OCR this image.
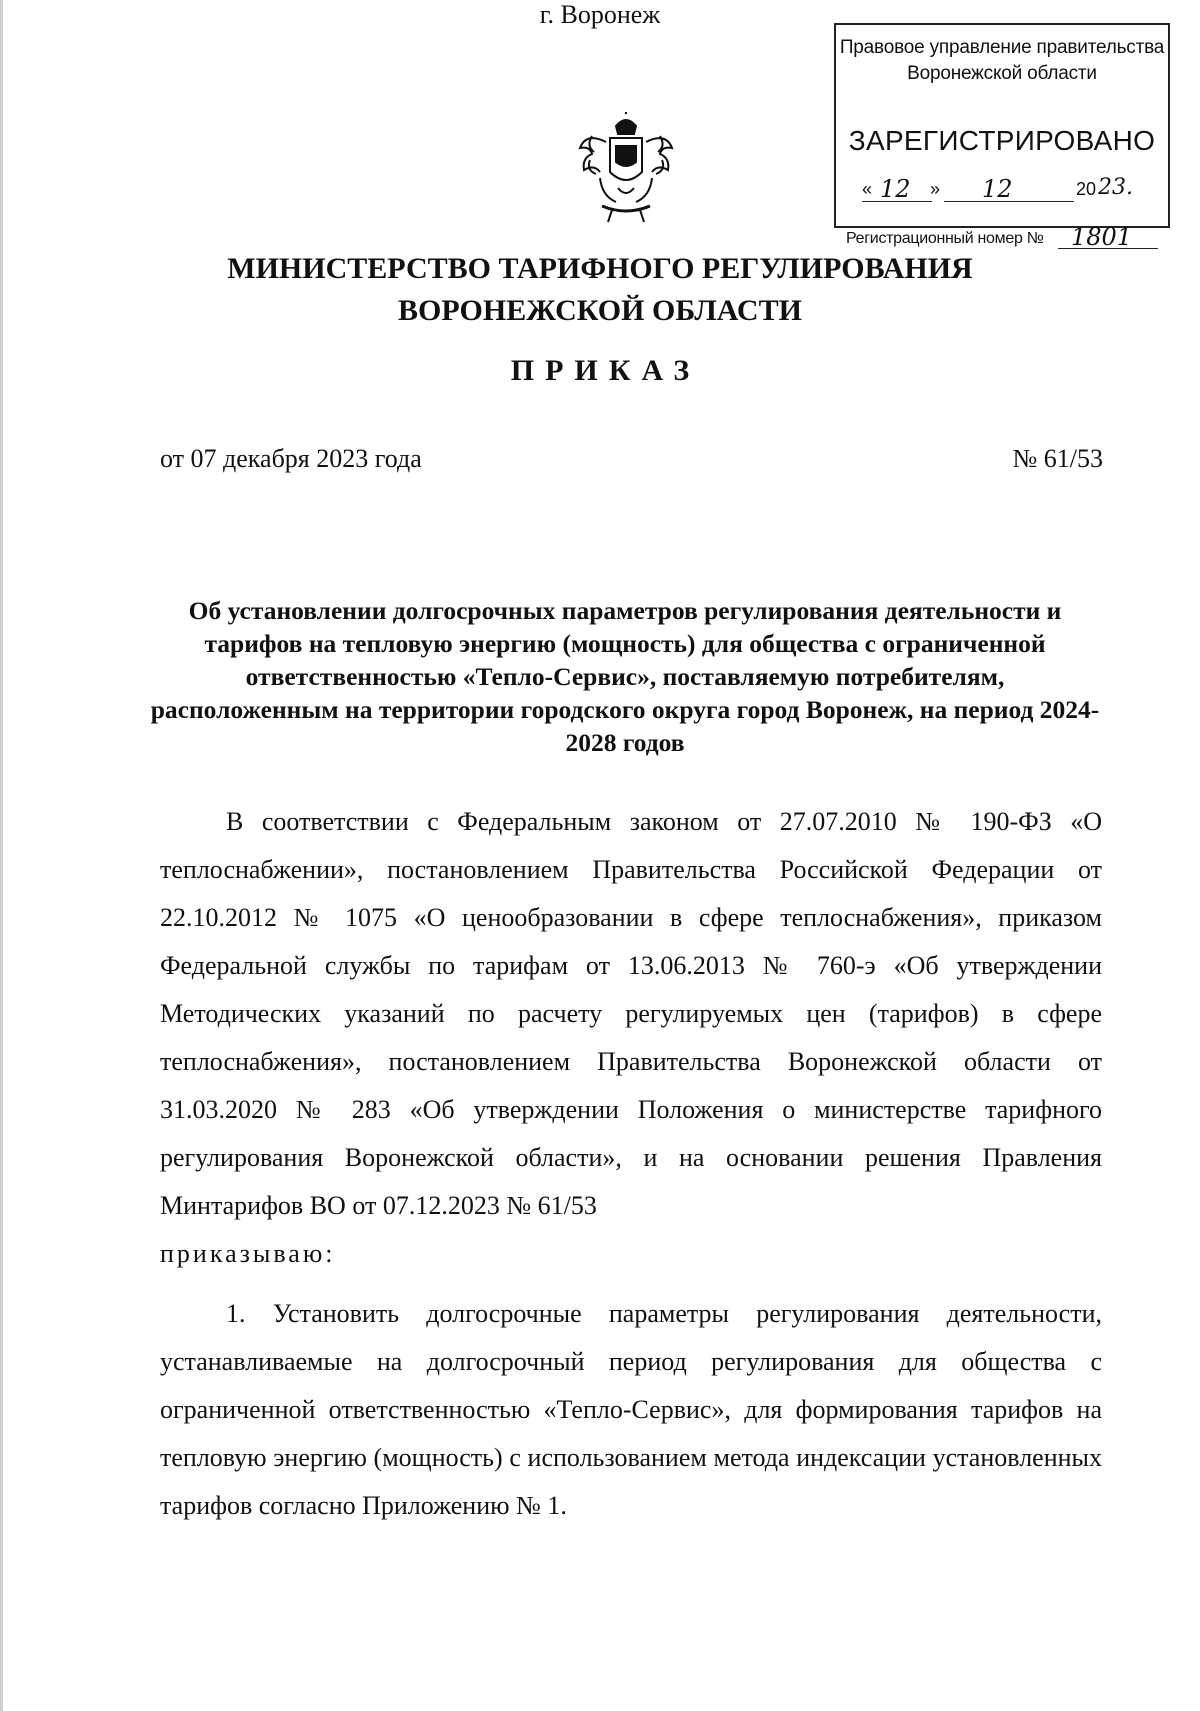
Правовое управление правительства Воронежской области
ЗАРЕГИСТРИРОВАНО
« 12 » 12	20 23.
Регистрационный номер № 1801
МИНИСТЕРСТВО ТАРИФНОГО РЕГУЛИРОВАНИЯ
ВОРОНЕЖСКОЙ ОБЛАСТИ
ПРИКАЗ
от 07 декабря 2023 года	№ 61/53
г. Воронеж
Об установлении долгосрочных параметров регулирования деятельности и тарифов на тепловую энергию (мощность) для общества с ограниченной ответственностью «Тепло-Сервис», поставляемую потребителям, расположенным на территории городского округа город Воронеж, на период 2024-2028 годов
В соответствии с Федеральным законом от 27.07.2010 № 190-ФЗ «О теплоснабжении», постановлением Правительства Российской Федерации от 22.10.2012 № 1075 «О ценообразовании в сфере теплоснабжения», приказом Федеральной службы по тарифам от 13.06.2013 № 760-э «Об утверждении Методических указаний по расчету регулируемых цен (тарифов) в сфере теплоснабжения», постановлением Правительства Воронежской области от 31.03.2020 № 283 «Об утверждении Положения о министерстве тарифного регулирования Воронежской области», и на основании решения Правления Минтарифов ВО от 07.12.2023 № 61/53
приказываю:
1. Установить долгосрочные параметры регулирования деятельности, устанавливаемые на долгосрочный период регулирования для общества с ограниченной ответственностью «Тепло-Сервис», для формирования тарифов на тепловую энергию (мощность) с использованием метода индексации установленных тарифов согласно Приложению № 1.
